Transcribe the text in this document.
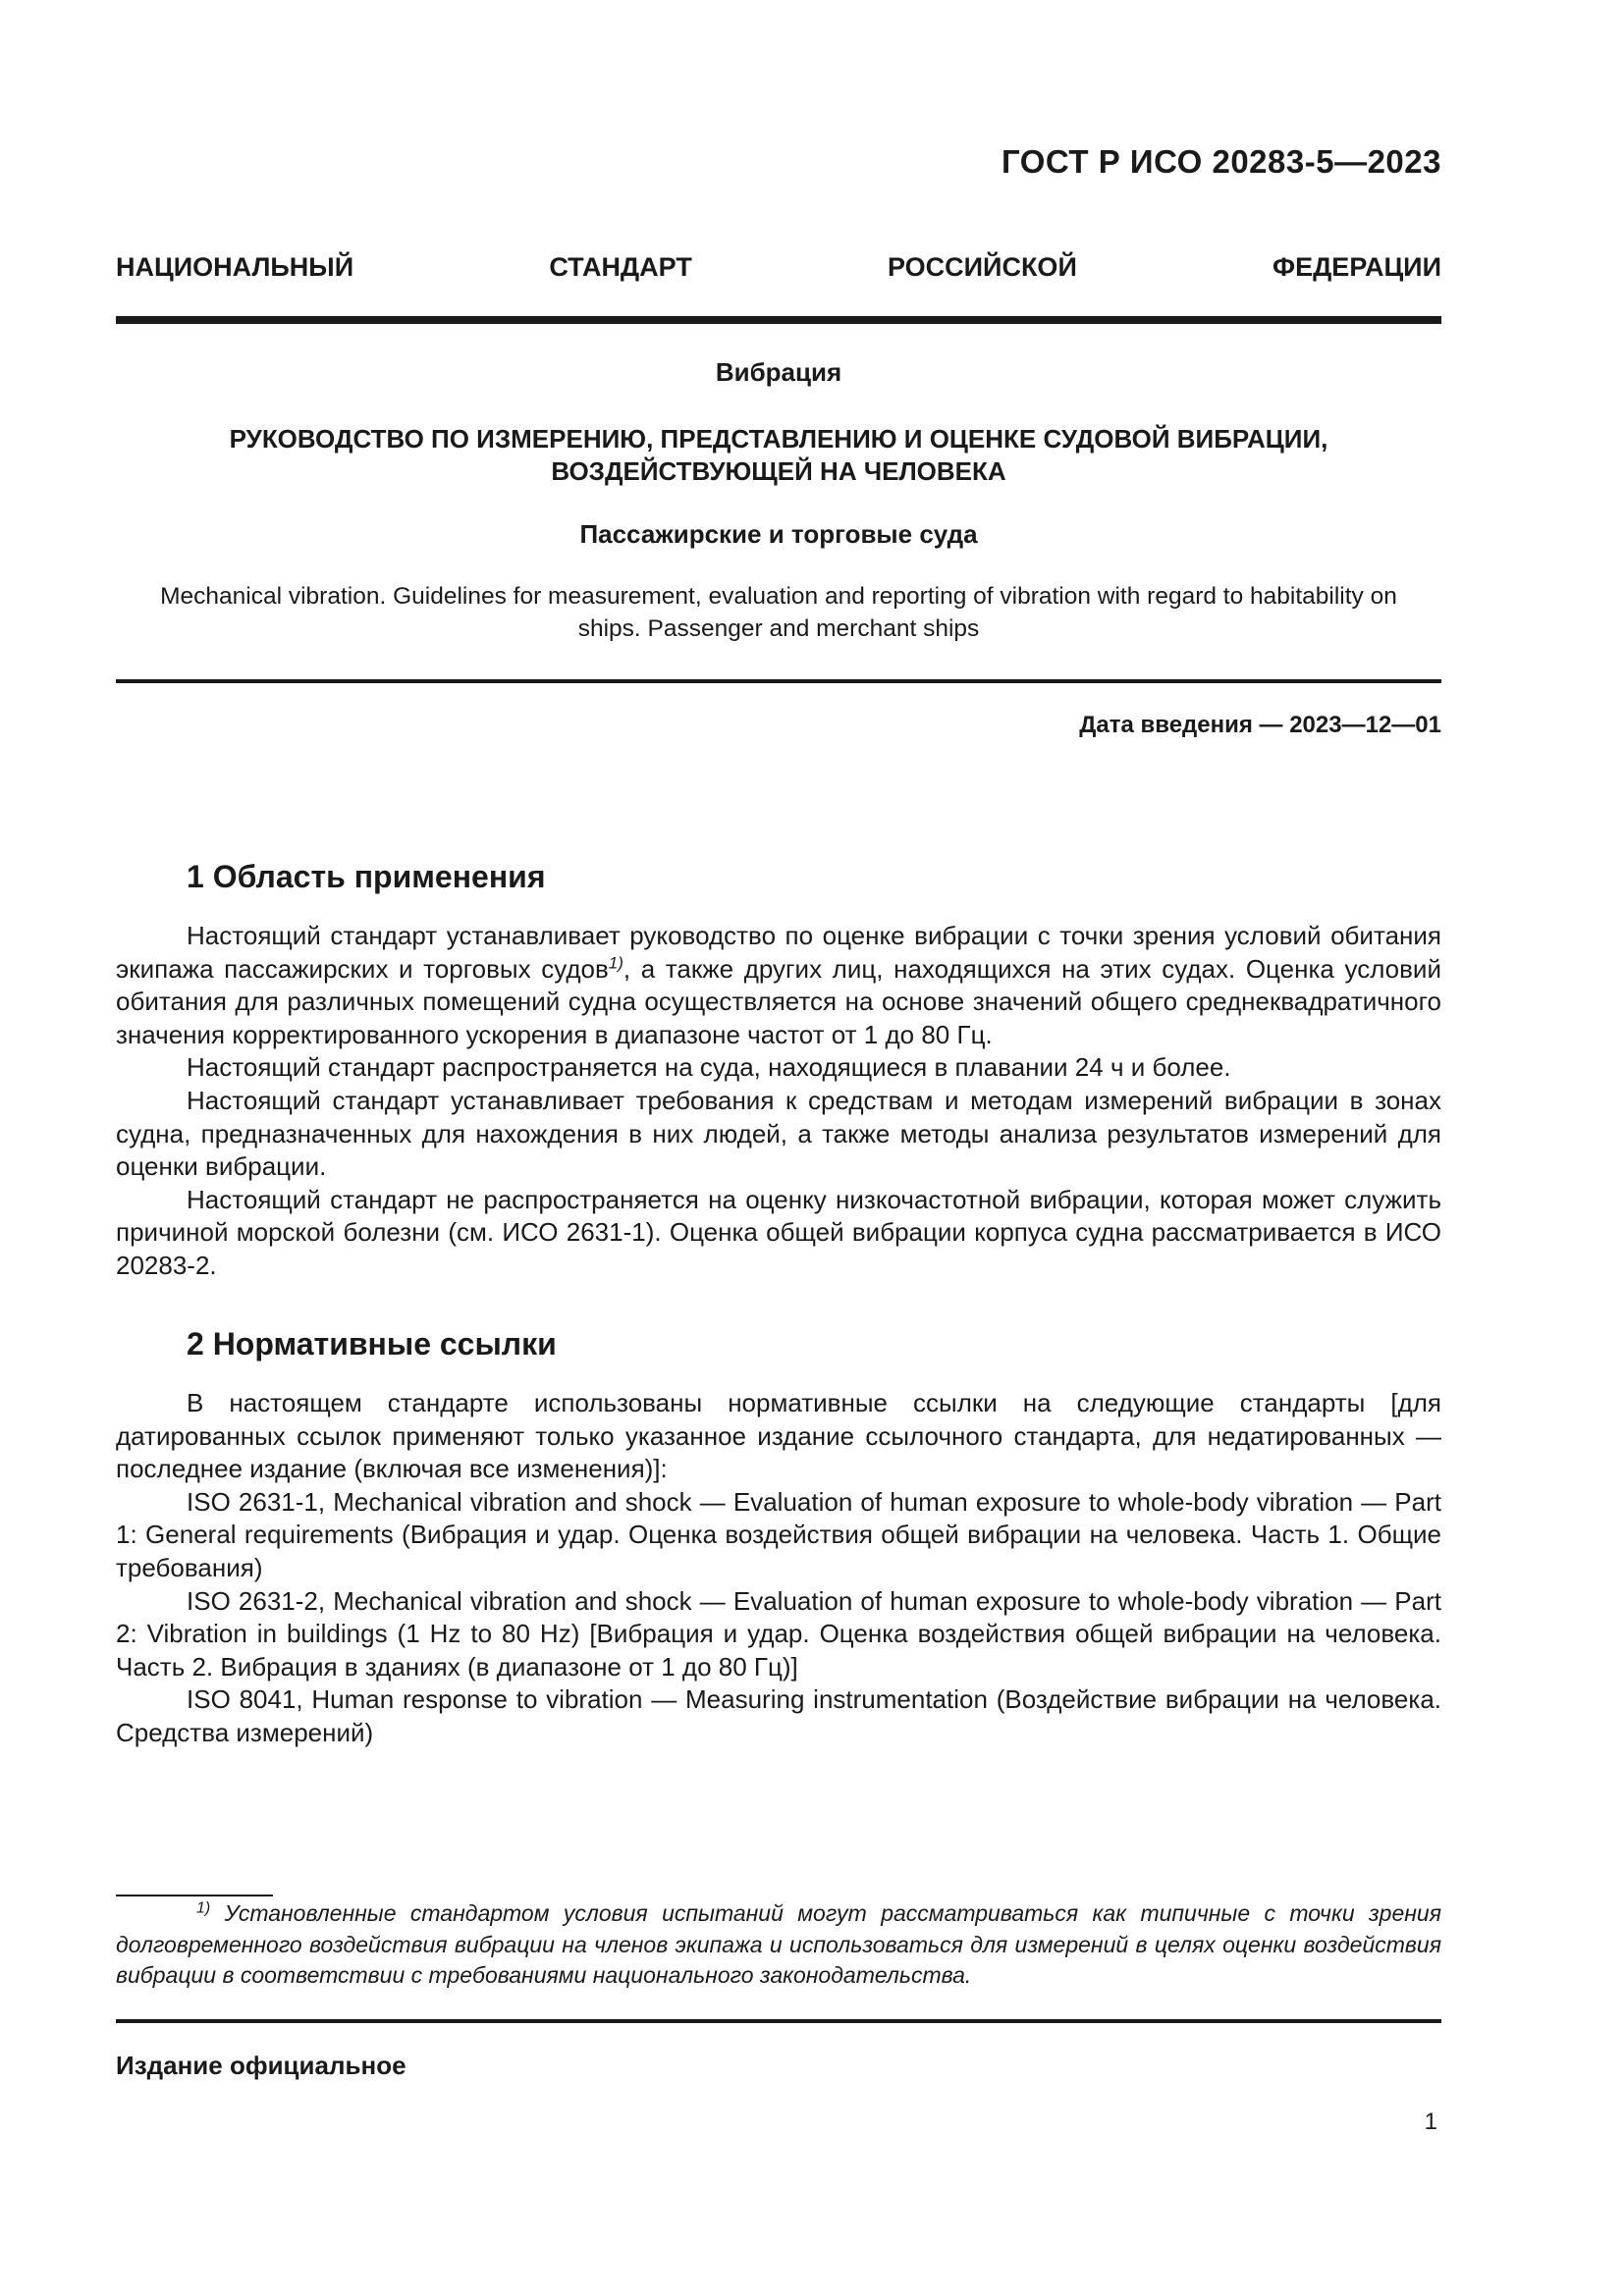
ГОСТ Р ИСО 20283-5—2023
НАЦИОНАЛЬНЫЙ СТАНДАРТ РОССИЙСКОЙ ФЕДЕРАЦИИ
Вибрация
РУКОВОДСТВО ПО ИЗМЕРЕНИЮ, ПРЕДСТАВЛЕНИЮ И ОЦЕНКЕ СУДОВОЙ ВИБРАЦИИ, ВОЗДЕЙСТВУЮЩЕЙ НА ЧЕЛОВЕКА
Пассажирские и торговые суда
Mechanical vibration. Guidelines for measurement, evaluation and reporting of vibration with regard to habitability on ships. Passenger and merchant ships
Дата введения — 2023—12—01
1 Область применения

Настоящий стандарт устанавливает руководство по оценке вибрации с точки зрения условий обитания экипажа пассажирских и торговых судов$^{1)}$, а также других лиц, находящихся на этих судах. Оценка условий обитания для различных помещений судна осуществляется на основе значений общего среднеквадратичного значения корректированного ускорения в диапазоне частот от 1 до 80 Гц.

Настоящий стандарт распространяется на суда, находящиеся в плавании 24 ч и более.

Настоящий стандарт устанавливает требования к средствам и методам измерений вибрации в зонах судна, предназначенных для нахождения в них людей, а также методы анализа результатов измерений для оценки вибрации.

Настоящий стандарт не распространяется на оценку низкочастотной вибрации, которая может служить причиной морской болезни (см. ИСО 2631-1). Оценка общей вибрации корпуса судна рассматривается в ИСО 20283-2.

2 Нормативные ссылки

В настоящем стандарте использованы нормативные ссылки на следующие стандарты [для датированных ссылок применяют только указанное издание ссылочного стандарта, для недатированных — последнее издание (включая все изменения)]:

ISO 2631-1, Mechanical vibration and shock — Evaluation of human exposure to whole-body vibration — Part 1: General requirements (Вибрация и удар. Оценка воздействия общей вибрации на человека. Часть 1. Общие требования)

ISO 2631-2, Mechanical vibration and shock — Evaluation of human exposure to whole-body vibration — Part 2: Vibration in buildings (1 Hz to 80 Hz) [Вибрация и удар. Оценка воздействия общей вибрации на человека. Часть 2. Вибрация в зданиях (в диапазоне от 1 до 80 Гц)]

ISO 8041, Human response to vibration — Measuring instrumentation (Воздействие вибрации на человека. Средства измерений)

$^{1)}$ Установленные стандартом условия испытаний могут рассматриваться как типичные с точки зрения долговременного воздействия вибрации на членов экипажа и использоваться для измерений в целях оценки воздействия вибрации в соответствии с требованиями национального законодательства.
Издание официальное
1
